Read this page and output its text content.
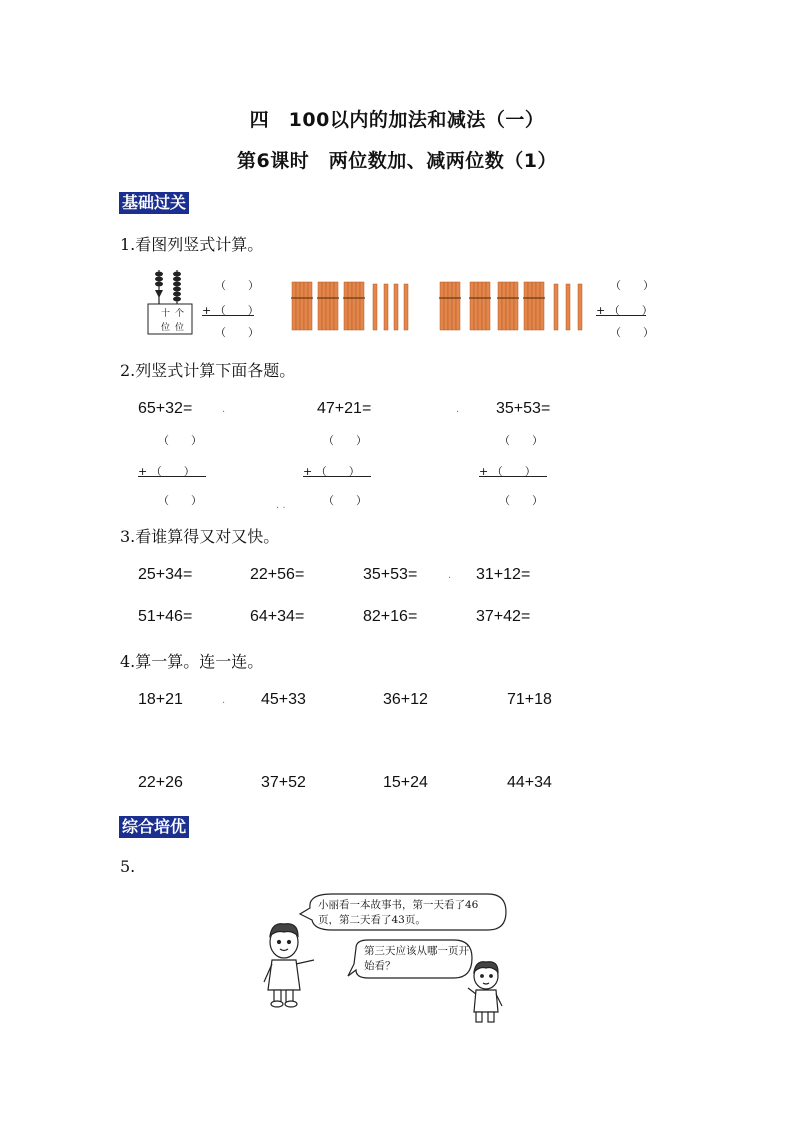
四　100以内的加法和减法（一）
第6课时　两位数加、减两位数（1）
基础过关
1.看图列竖式计算。
十 个
位 位
（　　）
+ （　　）
（　　）
（　　）
+ （　　）
（　　）
2.列竖式计算下面各题。
65+32=	47+21=	35+53=
.	.
. .
（　　）
+ （　　）
（　　）
（　　）
+ （　　）
（　　）
（　　）
+ （　　）
（　　）
3.看谁算得又对又快。
25+34=	22+56=	35+53=	. 31+12=
51+46=	64+34=	82+16=	37+42=
4.算一算。连一连。
18+21	. 45+33	36+12	71+18
22+26	37+52	15+24	44+34
综合培优
5.
小丽看一本故事书，第一天看了46页，第二天看了43页。
第三天应该从哪一页开始看？
